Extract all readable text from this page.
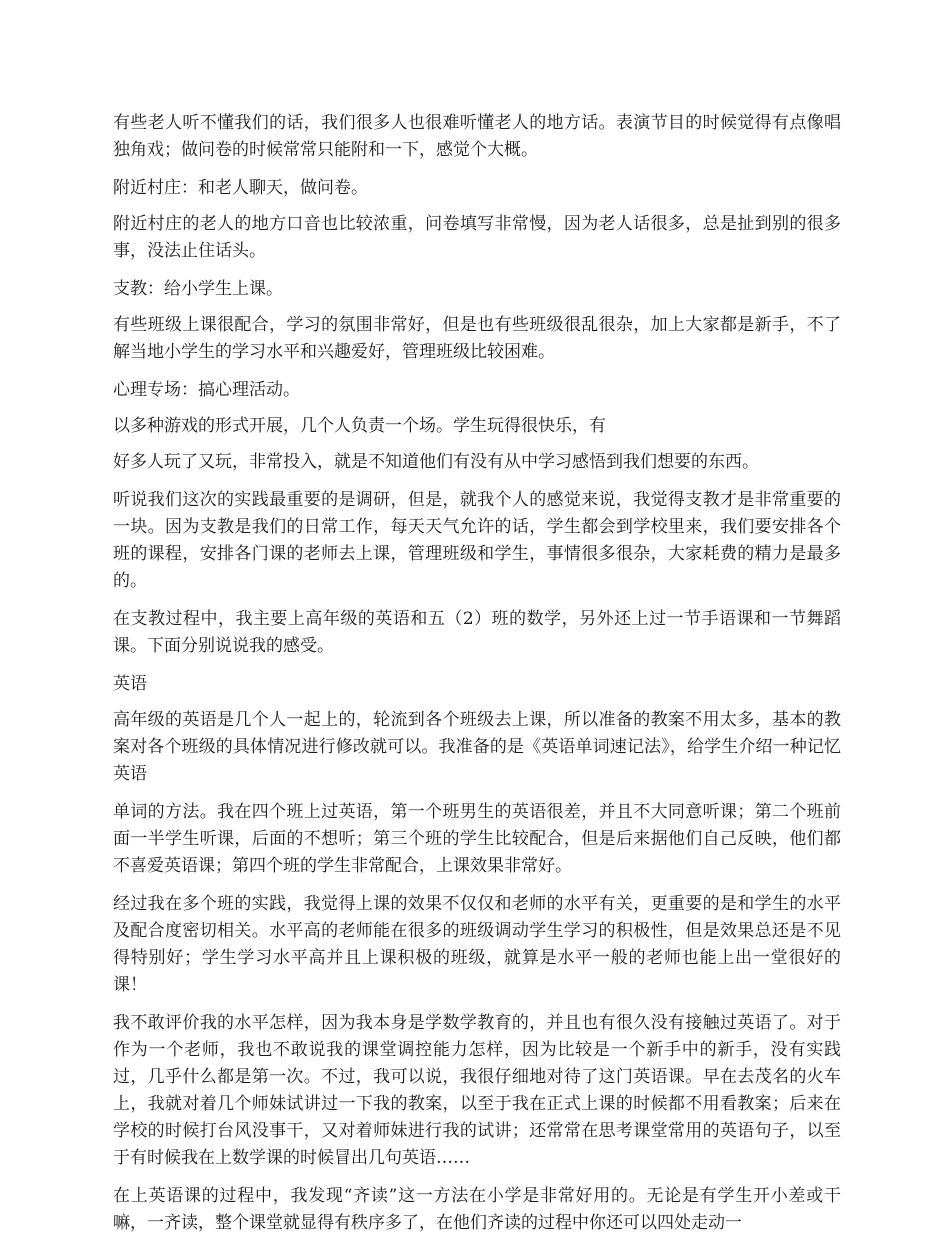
有些老人听不懂我们的话，我们很多人也很难听懂老人的地方话。表演节目的时候觉得有点像唱独角戏；做问卷的时候常常只能附和一下，感觉个大概。

附近村庄：和老人聊天，做问卷。

附近村庄的老人的地方口音也比较浓重，问卷填写非常慢，因为老人话很多，总是扯到别的很多事，没法止住话头。

支教：给小学生上课。

有些班级上课很配合，学习的氛围非常好，但是也有些班级很乱很杂，加上大家都是新手，不了解当地小学生的学习水平和兴趣爱好，管理班级比较困难。

心理专场：搞心理活动。

以多种游戏的形式开展，几个人负责一个场。学生玩得很快乐，有

好多人玩了又玩，非常投入，就是不知道他们有没有从中学习感悟到我们想要的东西。

听说我们这次的实践最重要的是调研，但是，就我个人的感觉来说，我觉得支教才是非常重要的一块。因为支教是我们的日常工作，每天天气允许的话，学生都会到学校里来，我们要安排各个班的课程，安排各门课的老师去上课，管理班级和学生，事情很多很杂，大家耗费的精力是最多的。

在支教过程中，我主要上高年级的英语和五（2）班的数学，另外还上过一节手语课和一节舞蹈课。下面分别说说我的感受。

英语

高年级的英语是几个人一起上的，轮流到各个班级去上课，所以准备的教案不用太多，基本的教案对各个班级的具体情况进行修改就可以。我准备的是《英语单词速记法》，给学生介绍一种记忆英语

单词的方法。我在四个班上过英语，第一个班男生的英语很差，并且不大同意听课；第二个班前面一半学生听课，后面的不想听；第三个班的学生比较配合，但是后来据他们自己反映，他们都不喜爱英语课；第四个班的学生非常配合，上课效果非常好。

经过我在多个班的实践，我觉得上课的效果不仅仅和老师的水平有关，更重要的是和学生的水平及配合度密切相关。水平高的老师能在很多的班级调动学生学习的积极性，但是效果总还是不见得特别好；学生学习水平高并且上课积极的班级，就算是水平一般的老师也能上出一堂很好的课！

我不敢评价我的水平怎样，因为我本身是学数学教育的，并且也有很久没有接触过英语了。对于作为一个老师，我也不敢说我的课堂调控能力怎样，因为比较是一个新手中的新手，没有实践过，几乎什么都是第一次。不过，我可以说，我很仔细地对待了这门英语课。早在去茂名的火车上，我就对着几个师妹试讲过一下我的教案，以至于我在正式上课的时候都不用看教案；后来在学校的时候打台风没事干，又对着师妹进行我的试讲；还常常在思考课堂常用的英语句子，以至于有时候我在上数学课的时候冒出几句英语……

在上英语课的过程中，我发现“齐读”这一方法在小学是非常好用的。无论是有学生开小差或干嘛，一齐读，整个课堂就显得有秩序多了，在他们齐读的过程中你还可以四处走动一
